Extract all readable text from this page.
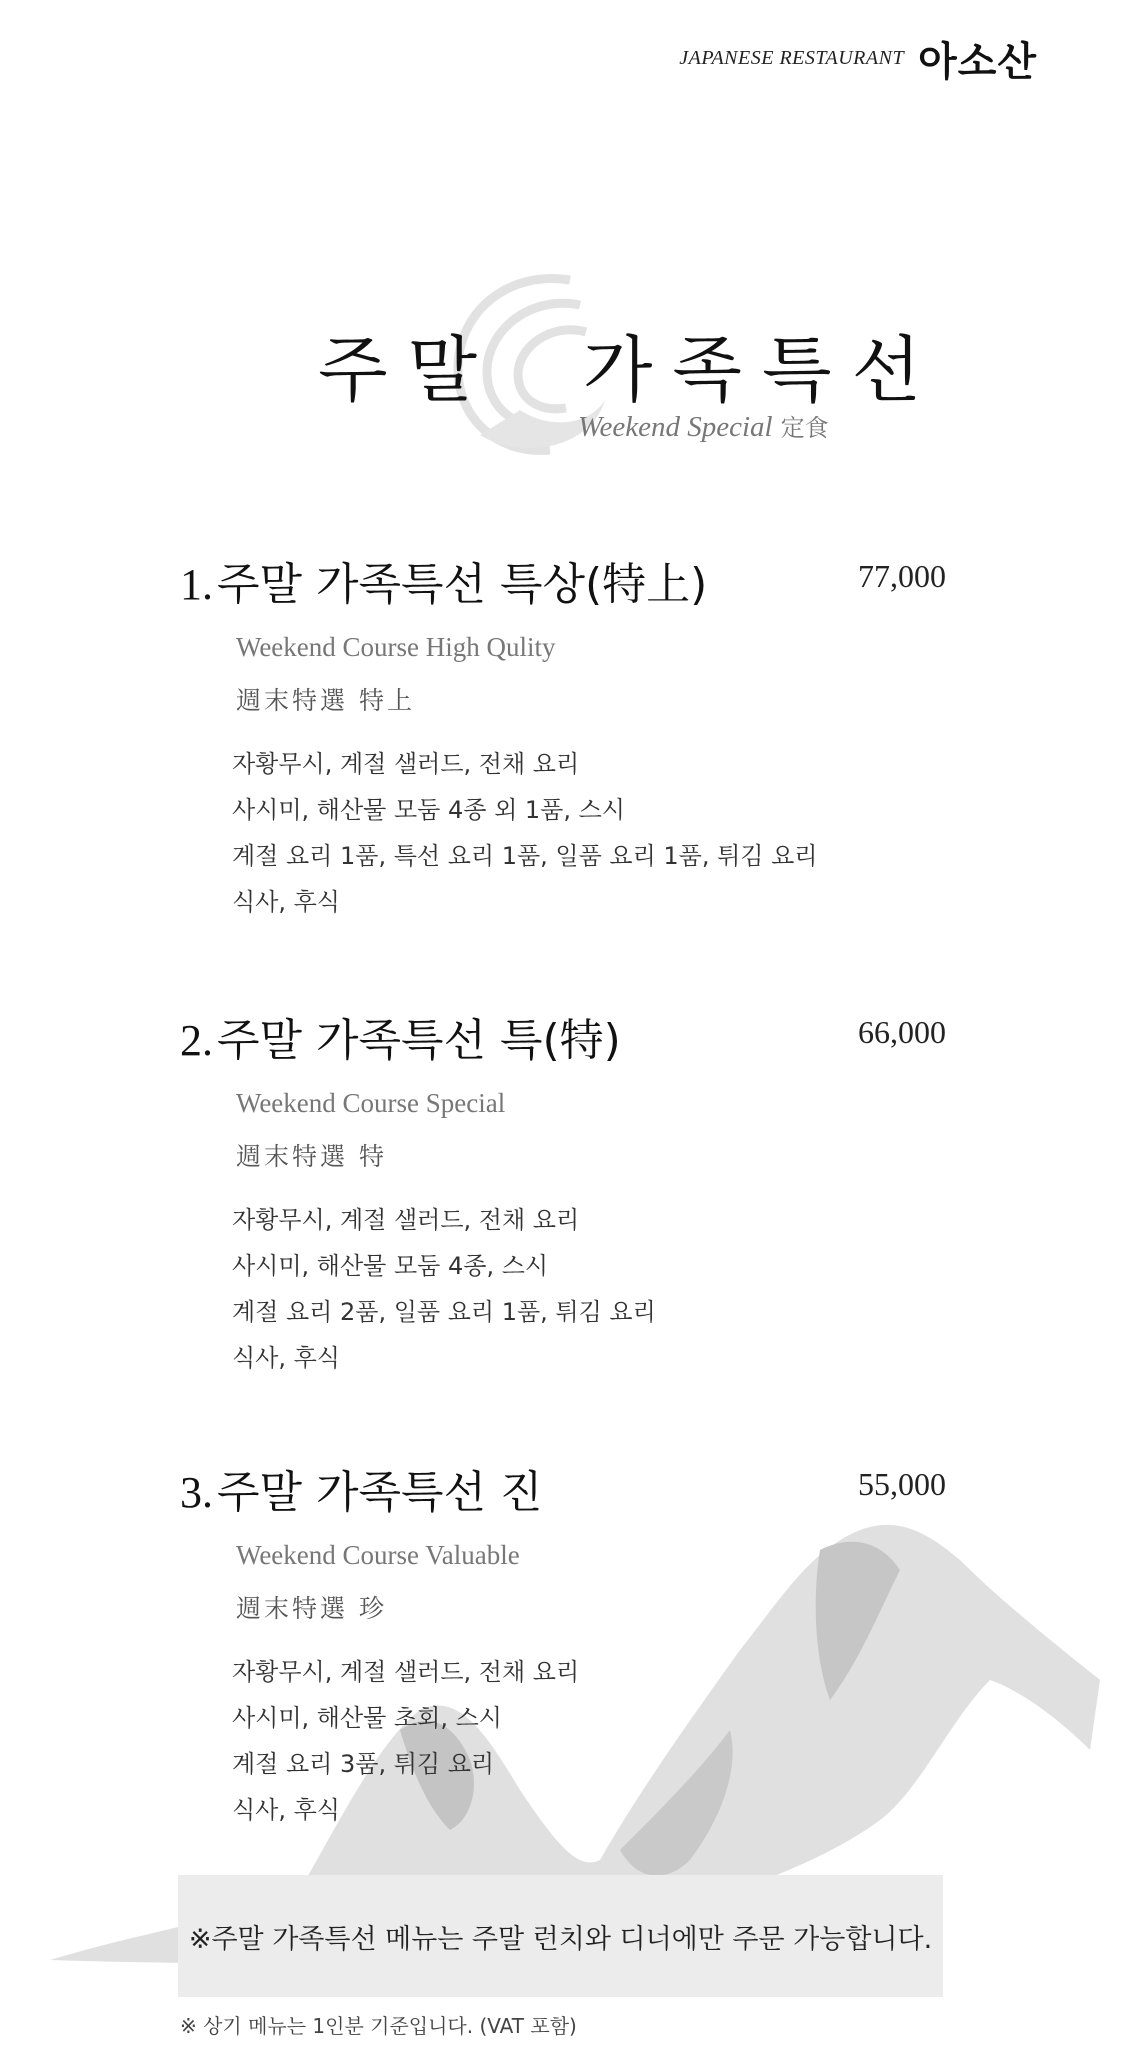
JAPANESE RESTAURANT 아소산
주말  가족특선
Weekend Special 定食
1.주말 가족특선 특상(特上)	77,000
Weekend Course High Qulity
週末特選 特上
자황무시, 계절 샐러드, 전채 요리
사시미, 해산물 모둠 4종 외 1품, 스시
계절 요리 1품, 특선 요리 1품, 일품 요리 1품, 튀김 요리
식사, 후식
2.주말 가족특선 특(特)	66,000
Weekend Course Special
週末特選 特
자황무시, 계절 샐러드, 전채 요리
사시미, 해산물 모둠 4종, 스시
계절 요리 2품, 일품 요리 1품, 튀김 요리
식사, 후식
3.주말 가족특선 진	55,000
Weekend Course Valuable
週末特選 珍
자황무시, 계절 샐러드, 전채 요리
사시미, 해산물 초회, 스시
계절 요리 3품, 튀김 요리
식사, 후식
※주말 가족특선 메뉴는 주말 런치와 디너에만 주문 가능합니다.
※ 상기 메뉴는 1인분 기준입니다. (VAT 포함)
